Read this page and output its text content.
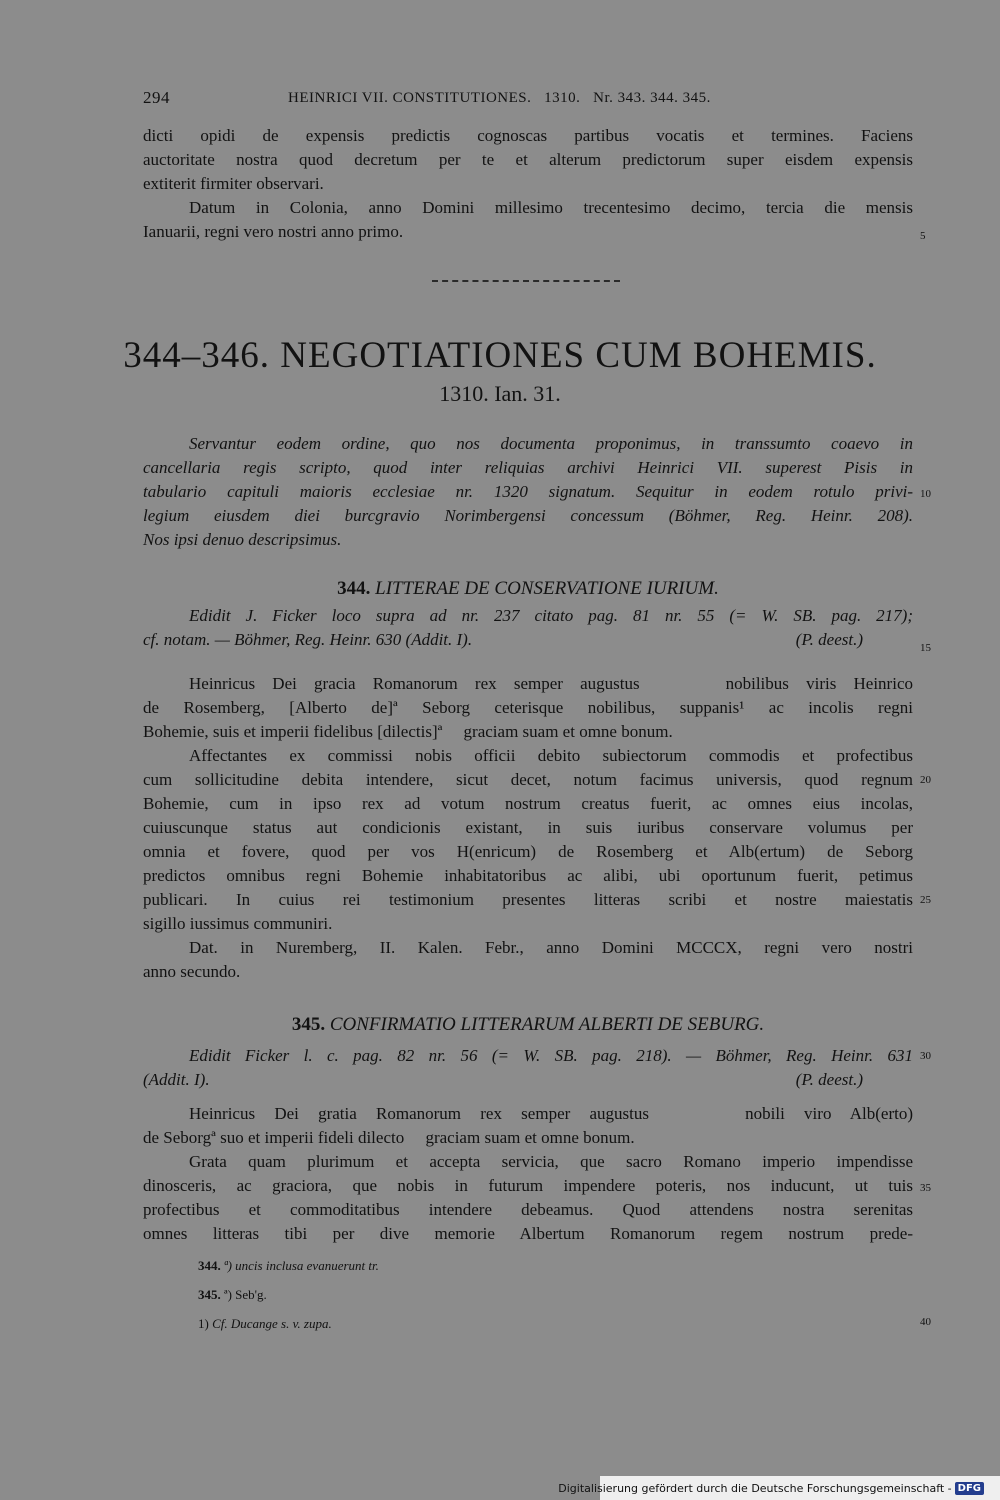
294	HEINRICI VII. CONSTITUTIONES.   1310.   Nr. 343. 344. 345.

dicti opidi de expensis predictis cognoscas partibus vocatis et termines. Faciens

auctoritate nostra quod decretum per te et alterum predictorum super eisdem expensis

extiterit firmiter observari.

Datum in Colonia, anno Domini millesimo trecentesimo decimo, tercia die mensis

Ianuarii, regni vero nostri anno primo.

344–346. NEGOTIATIONES CUM BOHEMIS.
1310. Ian. 31.

Servantur eodem ordine, quo nos documenta proponimus, in transsumto coaevo in

cancellaria regis scripto, quod inter reliquias archivi Heinrici VII. superest Pisis in

tabulario capituli maioris ecclesiae nr. 1320 signatum. Sequitur in eodem rotulo privi-

legium eiusdem diei burcgravio Norimbergensi concessum (Böhmer, Reg. Heinr. 208).

Nos ipsi denuo descripsimus.

344. LITTERAE DE CONSERVATIONE IURIUM.

Edidit J. Ficker loco supra ad nr. 237 citato pag. 81 nr. 55 (= W. SB. pag. 217);

cf. notam. — Böhmer, Reg. Heinr. 630 (Addit. I).	(P. deest.)

Heinricus Dei gracia Romanorum rex semper augustus     nobilibus viris Heinrico

de Rosemberg, [Alberto de]ª Seborg ceterisque nobilibus, suppanis¹ ac incolis regni

Bohemie, suis et imperii fidelibus [dilectis]ª     graciam suam et omne bonum.

Affectantes ex commissi nobis officii debito subiectorum commodis et profectibus

cum sollicitudine debita intendere, sicut decet, notum facimus universis, quod regnum

Bohemie, cum in ipso rex ad votum nostrum creatus fuerit, ac omnes eius incolas,

cuiuscunque status aut condicionis existant, in suis iuribus conservare volumus per

omnia et fovere, quod per vos H(enricum) de Rosemberg et Alb(ertum) de Seborg

predictos omnibus regni Bohemie inhabitatoribus ac alibi, ubi oportunum fuerit, petimus

publicari. In cuius rei testimonium presentes litteras scribi et nostre maiestatis

sigillo iussimus communiri.

Dat. in Nuremberg, II. Kalen. Febr., anno Domini MCCCX, regni vero nostri

anno secundo.

345. CONFIRMATIO LITTERARUM ALBERTI DE SEBURG.

Edidit Ficker l. c. pag. 82 nr. 56 (= W. SB. pag. 218). — Böhmer, Reg. Heinr. 631

(Addit. I).	(P. deest.)

Heinricus Dei gratia Romanorum rex semper augustus     nobili viro Alb(erto)

de Seborgª suo et imperii fideli dilecto     graciam suam et omne bonum.

Grata quam plurimum et accepta servicia, que sacro Romano imperio impendisse

dinosceris, ac graciora, que nobis in futurum impendere poteris, nos inducunt, ut tuis

profectibus et commoditatibus intendere debeamus. Quod attendens nostra serenitas

omnes litteras tibi per dive memorie Albertum Romanorum regem nostrum prede-

344. ª) uncis inclusa evanuerunt tr.
345. ª) Seb'g.
1) Cf. Ducange s. v. zupa.
5
10
15
20
25
30
35
40
Digitalisierung gefördert durch die Deutsche Forschungsgemeinschaft - DFG
